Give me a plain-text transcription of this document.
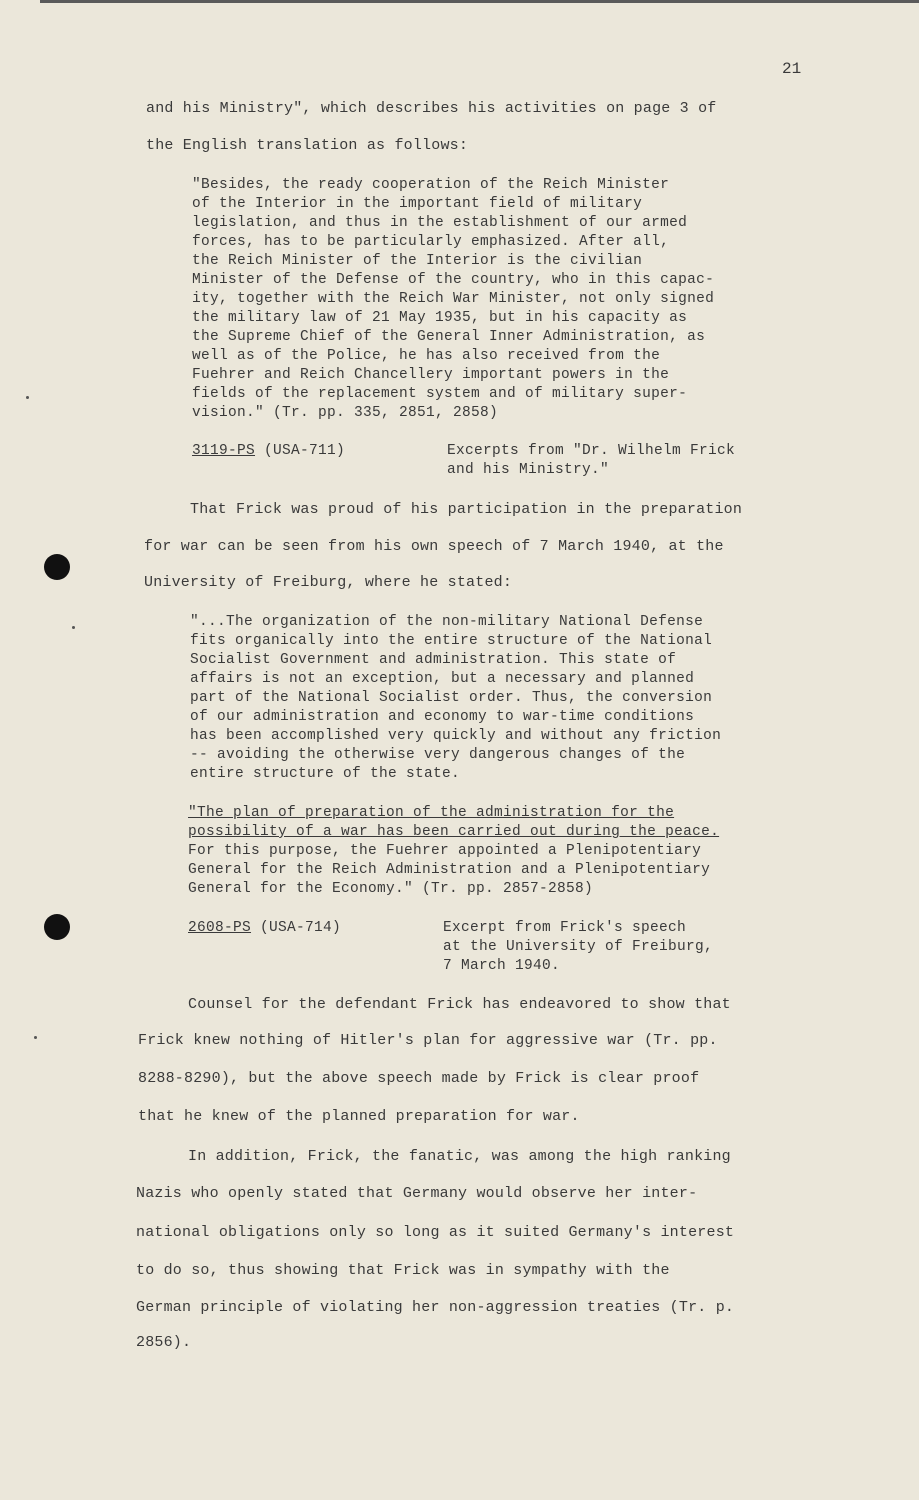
21
and his Ministry", which describes his activities on page 3 of
the English translation as follows:
"Besides, the ready cooperation of the Reich Minister
of the Interior in the important field of military
legislation, and thus in the establishment of our armed
forces, has to be particularly emphasized. After all,
the Reich Minister of the Interior is the civilian
Minister of the Defense of the country, who in this capac-
ity, together with the Reich War Minister, not only signed
the military law of 21 May 1935, but in his capacity as
the Supreme Chief of the General Inner Administration, as
well as of the Police, he has also received from the
Fuehrer and Reich Chancellery important powers in the
fields of the replacement system and of military super-
vision." (Tr. pp. 335, 2851, 2858)
3119-PS (USA-711)	Excerpts from "Dr. Wilhelm Frick
and his Ministry."
That Frick was proud of his participation in the preparation
for war can be seen from his own speech of 7 March 1940, at the
University of Freiburg, where he stated:
"...The organization of the non-military National Defense
fits organically into the entire structure of the National
Socialist Government and administration. This state of
affairs is not an exception, but a necessary and planned
part of the National Socialist order. Thus, the conversion
of our administration and economy to war-time conditions
has been accomplished very quickly and without any friction
-- avoiding the otherwise very dangerous changes of the
entire structure of the state.
"The plan of preparation of the administration for the
possibility of a war has been carried out during the peace.
For this purpose, the Fuehrer appointed a Plenipotentiary
General for the Reich Administration and a Plenipotentiary
General for the Economy." (Tr. pp. 2857-2858)
2608-PS (USA-714)	Excerpt from Frick's speech
at the University of Freiburg,
7 March 1940.
Counsel for the defendant Frick has endeavored to show that
Frick knew nothing of Hitler's plan for aggressive war (Tr. pp.
8288-8290), but the above speech made by Frick is clear proof
that he knew of the planned preparation for war.
In addition, Frick, the fanatic, was among the high ranking
Nazis who openly stated that Germany would observe her inter-
national obligations only so long as it suited Germany's interest
to do so, thus showing that Frick was in sympathy with the
German principle of violating her non-aggression treaties (Tr. p.
2856).
